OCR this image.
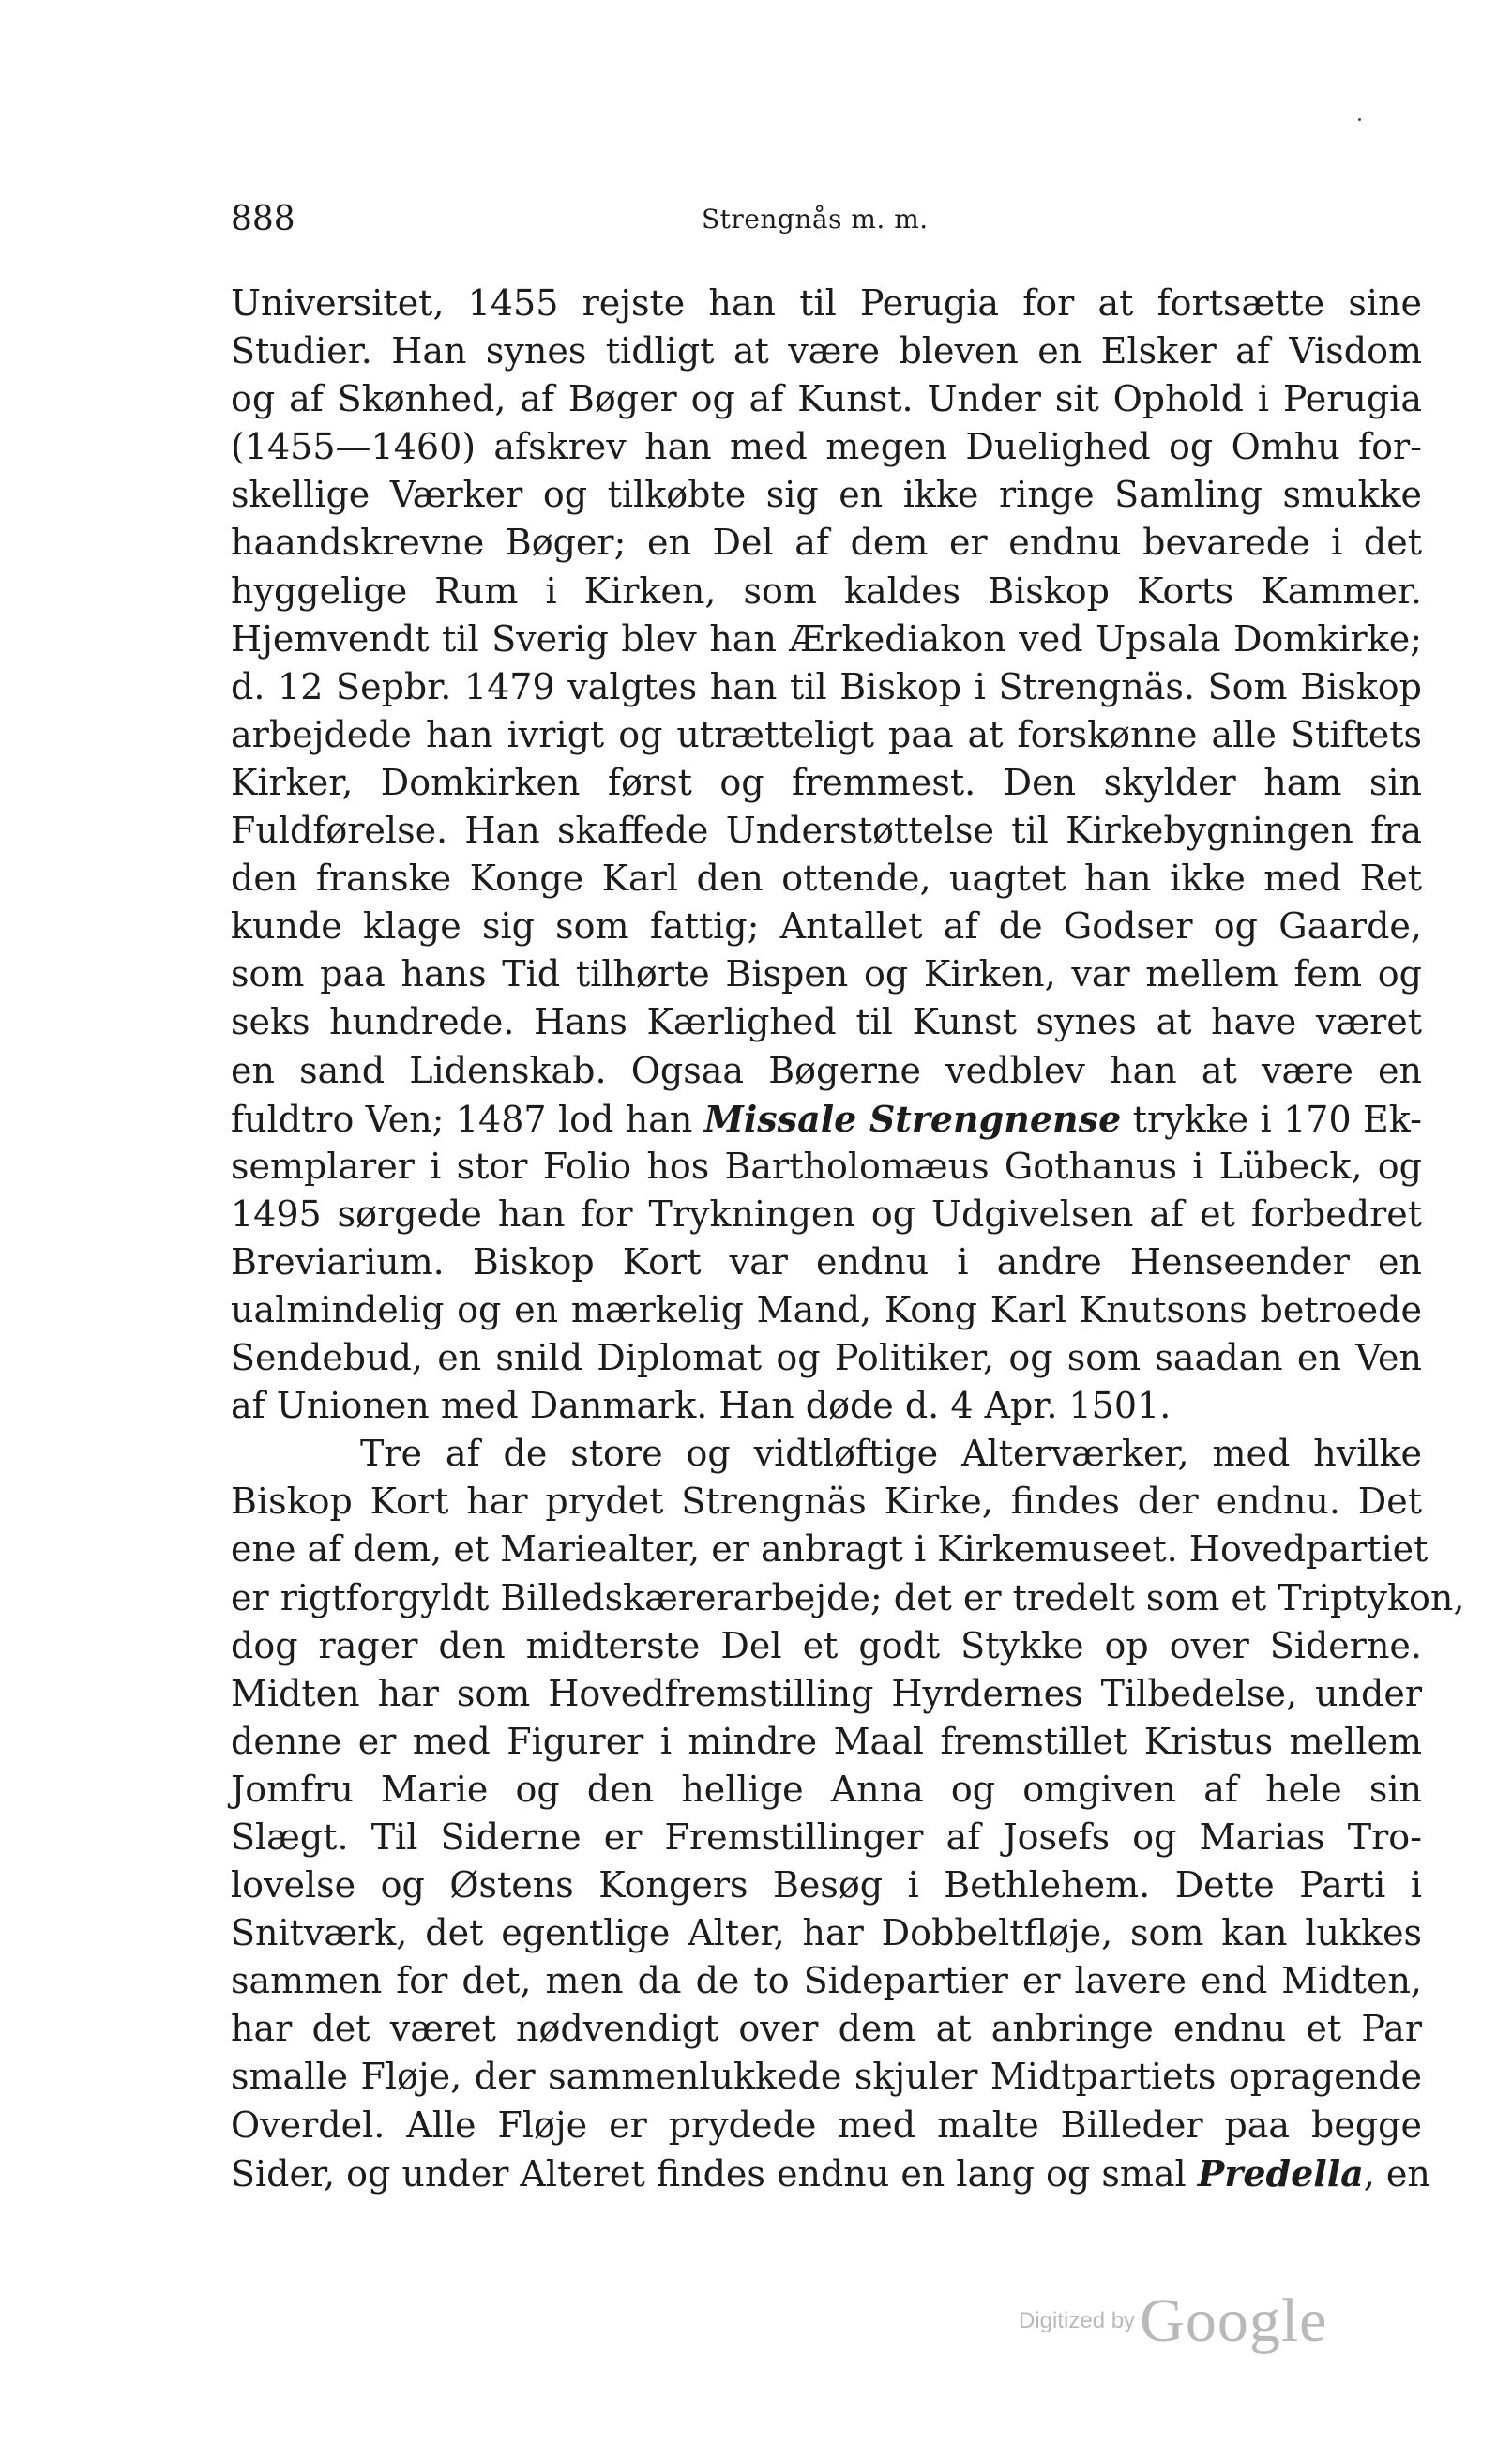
888	Strengnås m. m.
Universitet, 1455 rejste han til Perugia for at fortsætte sine
Studier. Han synes tidligt at være bleven en Elsker af Visdom
og af Skønhed, af Bøger og af Kunst. Under sit Ophold i Perugia
(1455—1460) afskrev han med megen Duelighed og Omhu for-
skellige Værker og tilkøbte sig en ikke ringe Samling smukke
haandskrevne Bøger; en Del af dem er endnu bevarede i det
hyggelige Rum i Kirken, som kaldes Biskop Korts Kammer.
Hjemvendt til Sverig blev han Ærkediakon ved Upsala Domkirke;
d. 12 Sepbr. 1479 valgtes han til Biskop i Strengnäs. Som Biskop
arbejdede han ivrigt og utrætteligt paa at forskønne alle Stiftets
Kirker, Domkirken først og fremmest. Den skylder ham sin
Fuldførelse. Han skaffede Understøttelse til Kirkebygningen fra
den franske Konge Karl den ottende, uagtet han ikke med Ret
kunde klage sig som fattig; Antallet af de Godser og Gaarde,
som paa hans Tid tilhørte Bispen og Kirken, var mellem fem og
seks hundrede. Hans Kærlighed til Kunst synes at have været
en sand Lidenskab. Ogsaa Bøgerne vedblev han at være en
fuldtro Ven; 1487 lod han Missale Strengnense trykke i 170 Ek-
semplarer i stor Folio hos Bartholomæus Gothanus i Lübeck, og
1495 sørgede han for Trykningen og Udgivelsen af et forbedret
Breviarium. Biskop Kort var endnu i andre Henseender en
ualmindelig og en mærkelig Mand, Kong Karl Knutsons betroede
Sendebud, en snild Diplomat og Politiker, og som saadan en Ven
af Unionen med Danmark. Han døde d. 4 Apr. 1501.
Tre af de store og vidtløftige Alterværker, med hvilke
Biskop Kort har prydet Strengnäs Kirke, findes der endnu. Det
ene af dem, et Mariealter, er anbragt i Kirkemuseet. Hovedpartiet
er rigtforgyldt Billedskærerarbejde; det er tredelt som et Triptykon,
dog rager den midterste Del et godt Stykke op over Siderne.
Midten har som Hovedfremstilling Hyrdernes Tilbedelse, under
denne er med Figurer i mindre Maal fremstillet Kristus mellem
Jomfru Marie og den hellige Anna og omgiven af hele sin
Slægt. Til Siderne er Fremstillinger af Josefs og Marias Tro-
lovelse og Østens Kongers Besøg i Bethlehem. Dette Parti i
Snitværk, det egentlige Alter, har Dobbeltfløje, som kan lukkes
sammen for det, men da de to Sidepartier er lavere end Midten,
har det været nødvendigt over dem at anbringe endnu et Par
smalle Fløje, der sammenlukkede skjuler Midtpartiets opragende
Overdel. Alle Fløje er prydede med malte Billeder paa begge
Sider, og under Alteret findes endnu en lang og smal Predella, en
Digitized by Google
